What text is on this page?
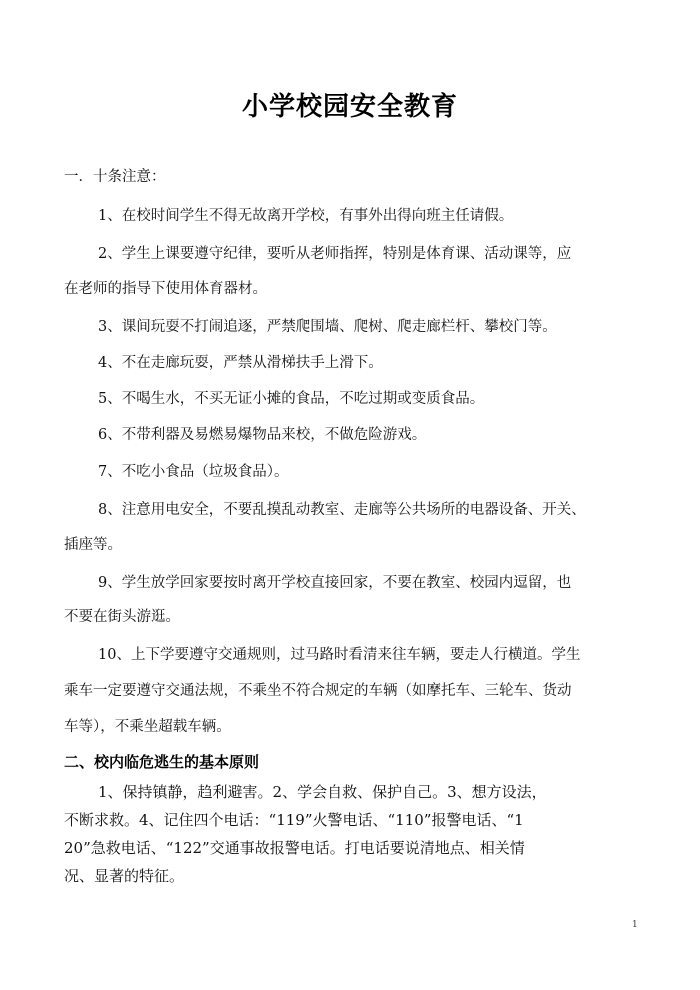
小学校园安全教育
一．十条注意：
1、在校时间学生不得无故离开学校，有事外出得向班主任请假。
2、学生上课要遵守纪律，要听从老师指挥，特别是体育课、活动课等，应
在老师的指导下使用体育器材。
3、课间玩耍不打闹追逐，严禁爬围墙、爬树、爬走廊栏杆、攀校门等。
4、不在走廊玩耍，严禁从滑梯扶手上滑下。
5、不喝生水，不买无证小摊的食品，不吃过期或变质食品。
6、不带利器及易燃易爆物品来校，不做危险游戏。
7、不吃小食品（垃圾食品）。
8、注意用电安全，不要乱摸乱动教室、走廊等公共场所的电器设备、开关、
插座等。
9、学生放学回家要按时离开学校直接回家，不要在教室、校园内逗留，也
不要在街头游逛。
10、上下学要遵守交通规则，过马路时看清来往车辆，要走人行横道。学生
乘车一定要遵守交通法规，不乘坐不符合规定的车辆（如摩托车、三轮车、货动
车等），不乘坐超载车辆。
二、校内临危逃生的基本原则
1、保持镇静，趋利避害。2、学会自救、保护自己。3、想方设法，
不断求救。4、记住四个电话：“119”火警电话、“110”报警电话、“1
20”急救电话、“122”交通事故报警电话。打电话要说清地点、相关情
况、显著的特征。
1
